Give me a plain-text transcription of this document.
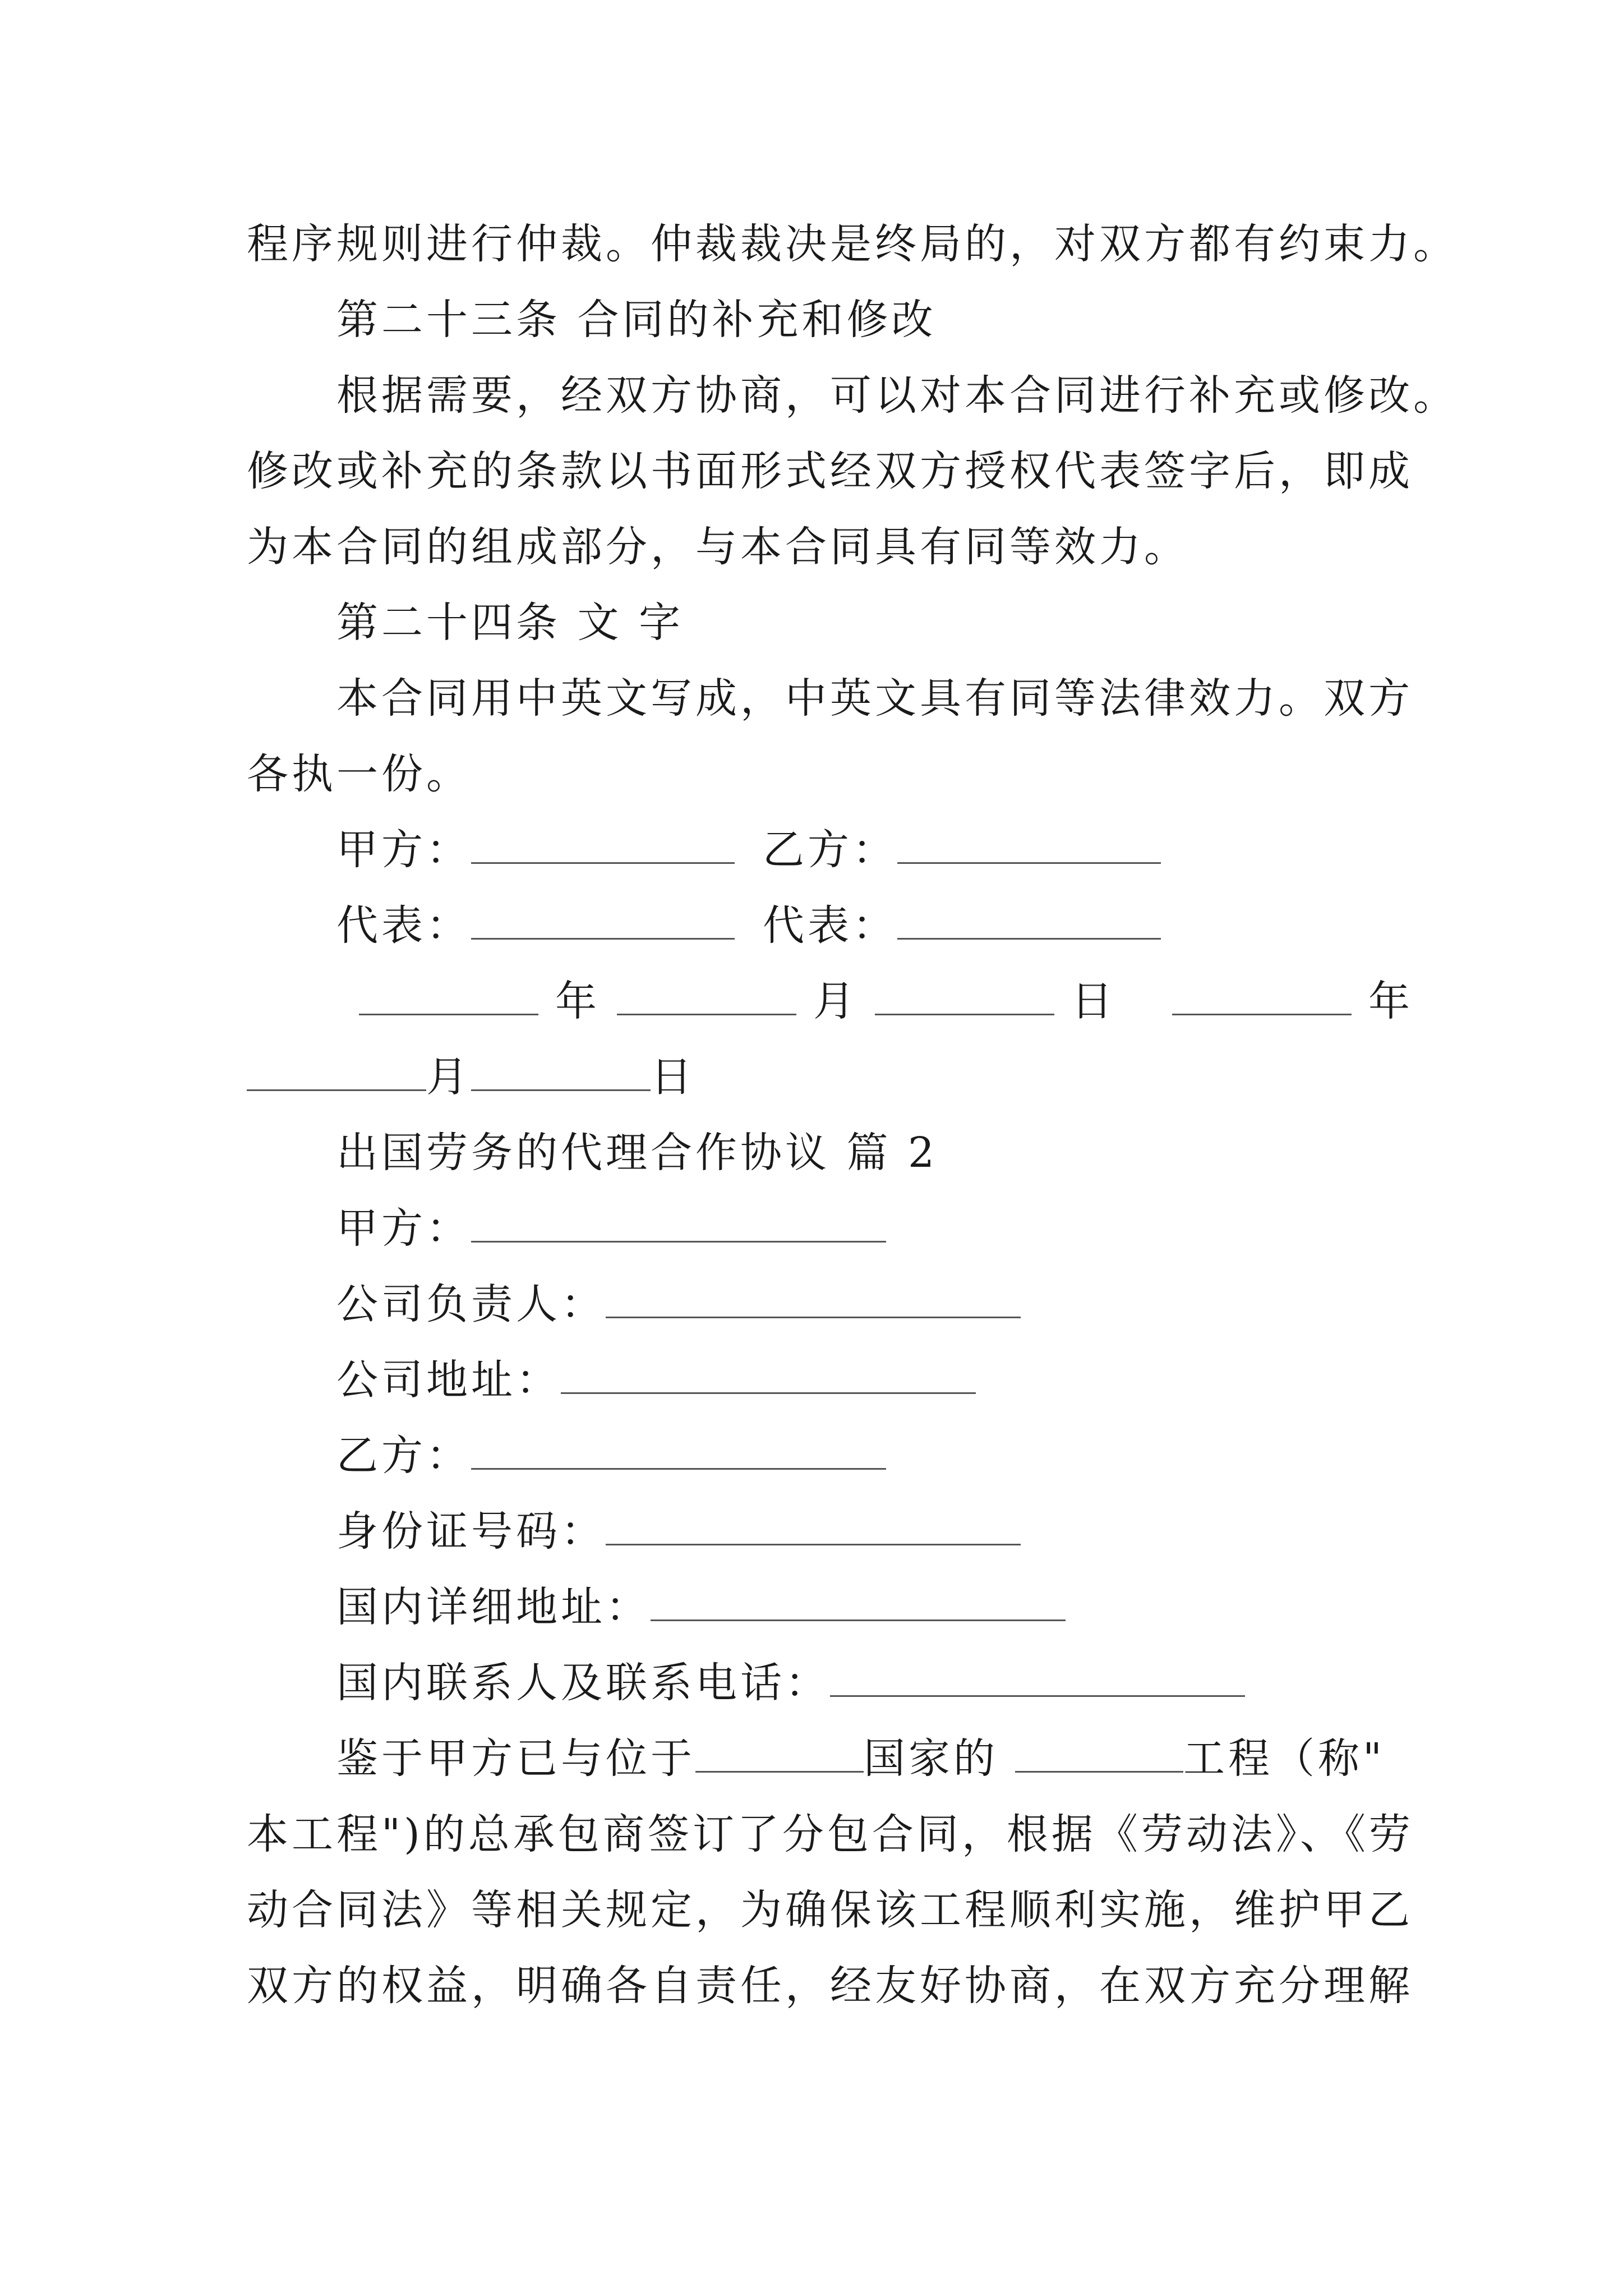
程序规则进行仲裁。仲裁裁决是终局的，对双方都有约束力。
第二十三条 合同的补充和修改
根据需要，经双方协商，可以对本合同进行补充或修改。
修改或补充的条款以书面形式经双方授权代表签字后，即成
为本合同的组成部分，与本合同具有同等效力。
第二十四条 文 字
本合同用中英文写成，中英文具有同等法律效力。双方
各执一份。
甲方：	乙方：
代表：	代表：
年	月	日	年
月	日
出国劳务的代理合作协议 篇 2
甲方：
公司负责人：
公司地址：
乙方：
身份证号码：
国内详细地址：
国内联系人及联系电话：
鉴于甲方已与位于	国家的	工程（称"
本工程")的总承包商签订了分包合同，根据《劳动法》、《劳
动合同法》等相关规定，为确保该工程顺利实施，维护甲乙
双方的权益，明确各自责任，经友好协商，在双方充分理解
